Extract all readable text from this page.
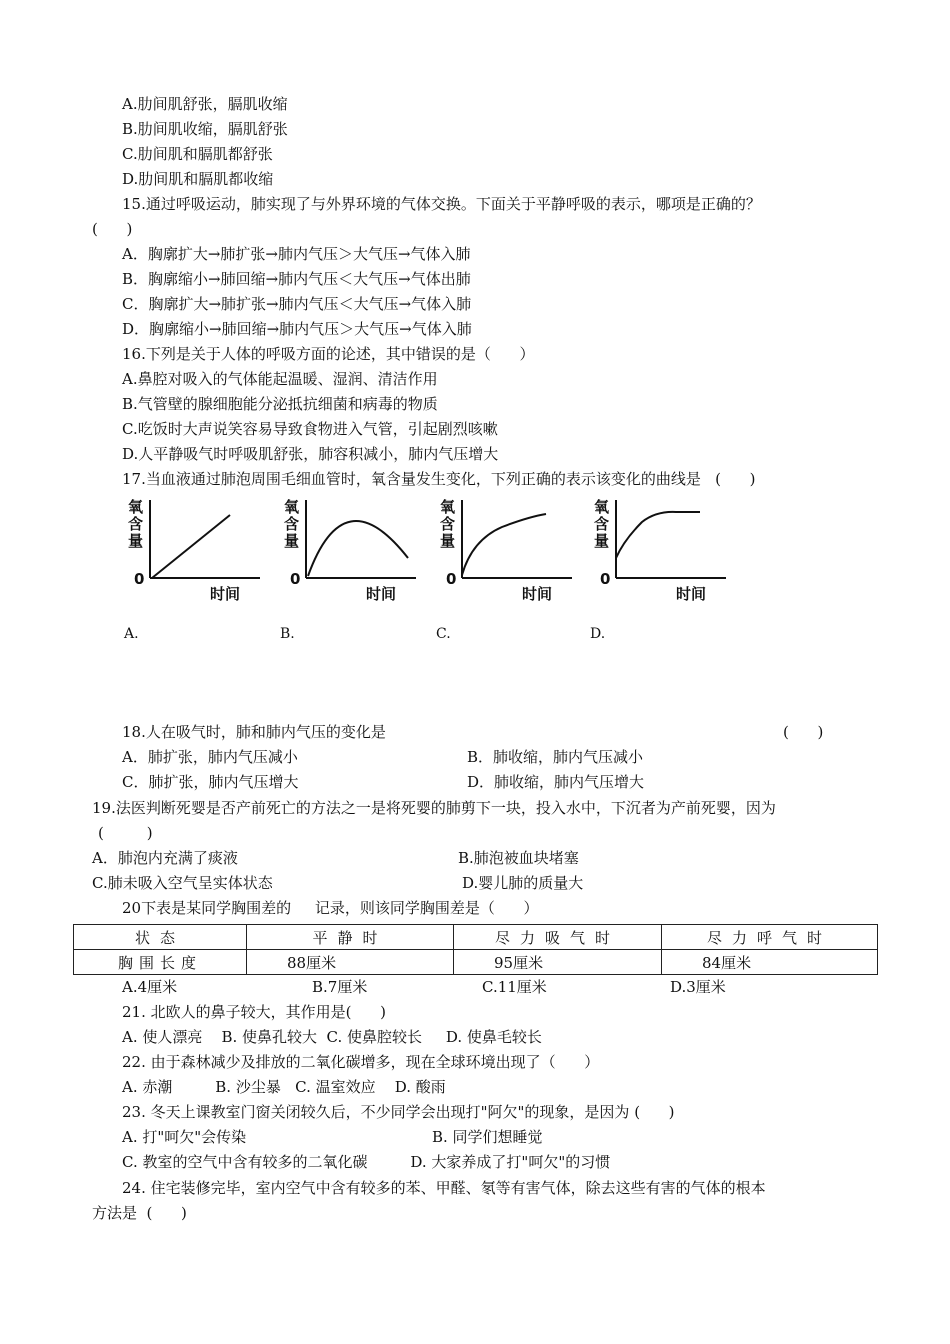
A.肋间肌舒张，膈肌收缩
B.肋间肌收缩，膈肌舒张
C.肋间肌和膈肌都舒张
D.肋间肌和膈肌都收缩
15.通过呼吸运动，肺实现了与外界环境的气体交换。下面关于平静呼吸的表示，哪项是正确的？
(      )
A．胸廓扩大→肺扩张→肺内气压＞大气压→气体入肺
B．胸廓缩小→肺回缩→肺内气压＜大气压→气体出肺
C．胸廓扩大→肺扩张→肺内气压＜大气压→气体入肺
D．胸廓缩小→肺回缩→肺内气压＞大气压→气体入肺
16.下列是关于人体的呼吸方面的论述，其中错误的是（      ）
A.鼻腔对吸入的气体能起温暖、湿润、清洁作用
B.气管壁的腺细胞能分泌抵抗细菌和病毒的物质
C.吃饭时大声说笑容易导致食物进入气管，引起剧烈咳嗽
D.人平静吸气时呼吸肌舒张，肺容积减小，肺内气压增大
17.当血液通过肺泡周围毛细血管时，氧含量发生变化，下列正确的表示该变化的曲线是   (      )
18.人在吸气时，肺和肺内气压的变化是	(      )
A．肺扩张，肺内气压减小	B．肺收缩，肺内气压减小
C．肺扩张，肺内气压增大	D．肺收缩，肺内气压增大
19.法医判断死婴是否产前死亡的方法之一是将死婴的肺剪下一块，投入水中，下沉者为产前死婴，因为
(         )
A．肺泡内充满了痰液	B.肺泡被血块堵塞
C.肺未吸入空气呈实体状态	D.婴儿肺的质量大
20下表是某同学胸围差的     记录，则该同学胸围差是（      ）
A.4厘米	B.7厘米	C.11厘米	D.3厘米
21. 北欧人的鼻子较大，其作用是(      )
A. 使人漂亮    B. 使鼻孔较大  C. 使鼻腔较长     D. 使鼻毛较长
22. 由于森林减少及排放的二氧化碳增多，现在全球环境出现了（      ）
A. 赤潮         B. 沙尘暴   C. 温室效应    D. 酸雨
23. 冬天上课教室门窗关闭较久后，不少同学会出现打"阿欠"的现象，是因为 (      )
A. 打"呵欠"会传染	B. 同学们想睡觉
C. 教室的空气中含有较多的二氧化碳         D. 大家养成了打"呵欠"的习惯
24. 住宅装修完毕，室内空气中含有较多的苯、甲醛、氡等有害气体，除去这些有害的气体的根本
方法是  (      )
氧
含
量
0
时间
A.
氧
含
量
0
时间
B.
氧
含
量
0
时间
C.
氧
含
量
0
时间
D.
状态	平静时	尽力吸气时	尽力呼气时
胸围长度	88厘米	95厘米	84厘米
